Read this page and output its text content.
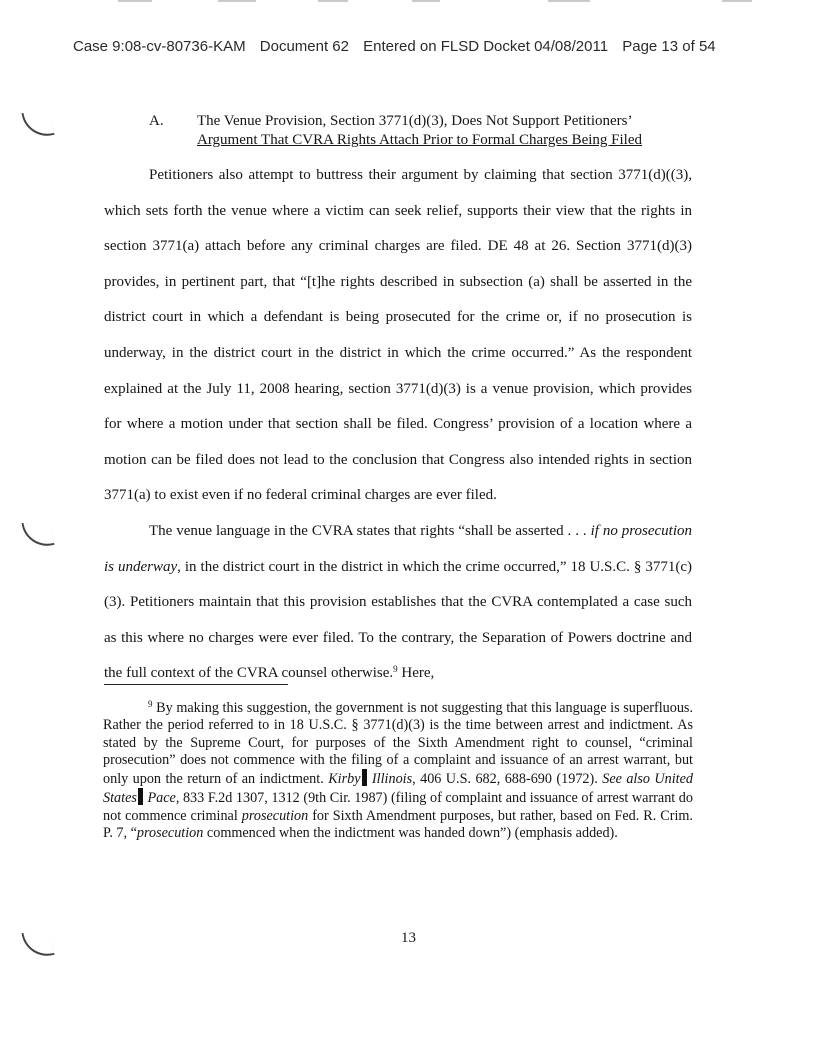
Case 9:08-cv-80736-KAM Document 62 Entered on FLSD Docket 04/08/2011 Page 13 of 54
A. The Venue Provision, Section 3771(d)(3), Does Not Support Petitioners’
Argument That CVRA Rights Attach Prior to Formal Charges Being Filed

Petitioners also attempt to buttress their argument by claiming that section 3771(d)((3), which sets forth the venue where a victim can seek relief, supports their view that the rights in section 3771(a) attach before any criminal charges are filed. DE 48 at 26. Section 3771(d)(3) provides, in pertinent part, that “[t]he rights described in subsection (a) shall be asserted in the district court in which a defendant is being prosecuted for the crime or, if no prosecution is underway, in the district court in the district in which the crime occurred.” As the respondent explained at the July 11, 2008 hearing, section 3771(d)(3) is a venue provision, which provides for where a motion under that section shall be filed. Congress’ provision of a location where a motion can be filed does not lead to the conclusion that Congress also intended rights in section 3771(a) to exist even if no federal criminal charges are ever filed.

The venue language in the CVRA states that rights “shall be asserted . . . if no prosecution is underway, in the district court in the district in which the crime occurred,” 18 U.S.C. § 3771(c)(3). Petitioners maintain that this provision establishes that the CVRA contemplated a case such as this where no charges were ever filed. To the contrary, the Separation of Powers doctrine and the full context of the CVRA counsel otherwise.$^9$ Here,

$^9$ By making this suggestion, the government is not suggesting that this language is superfluous. Rather the period referred to in 18 U.S.C. § 3771(d)(3) is the time between arrest and indictment. As stated by the Supreme Court, for purposes of the Sixth Amendment right to counsel, “criminal prosecution” does not commence with the filing of a complaint and issuance of an arrest warrant, but only upon the return of an indictment. Kirby Illinois, 406 U.S. 682, 688-690 (1972). See also United States Pace, 833 F.2d 1307, 1312 (9th Cir. 1987) (filing of complaint and issuance of arrest warrant do not commence criminal prosecution for Sixth Amendment purposes, but rather, based on Fed. R. Crim. P. 7, “prosecution commenced when the indictment was handed down”) (emphasis added).

13
